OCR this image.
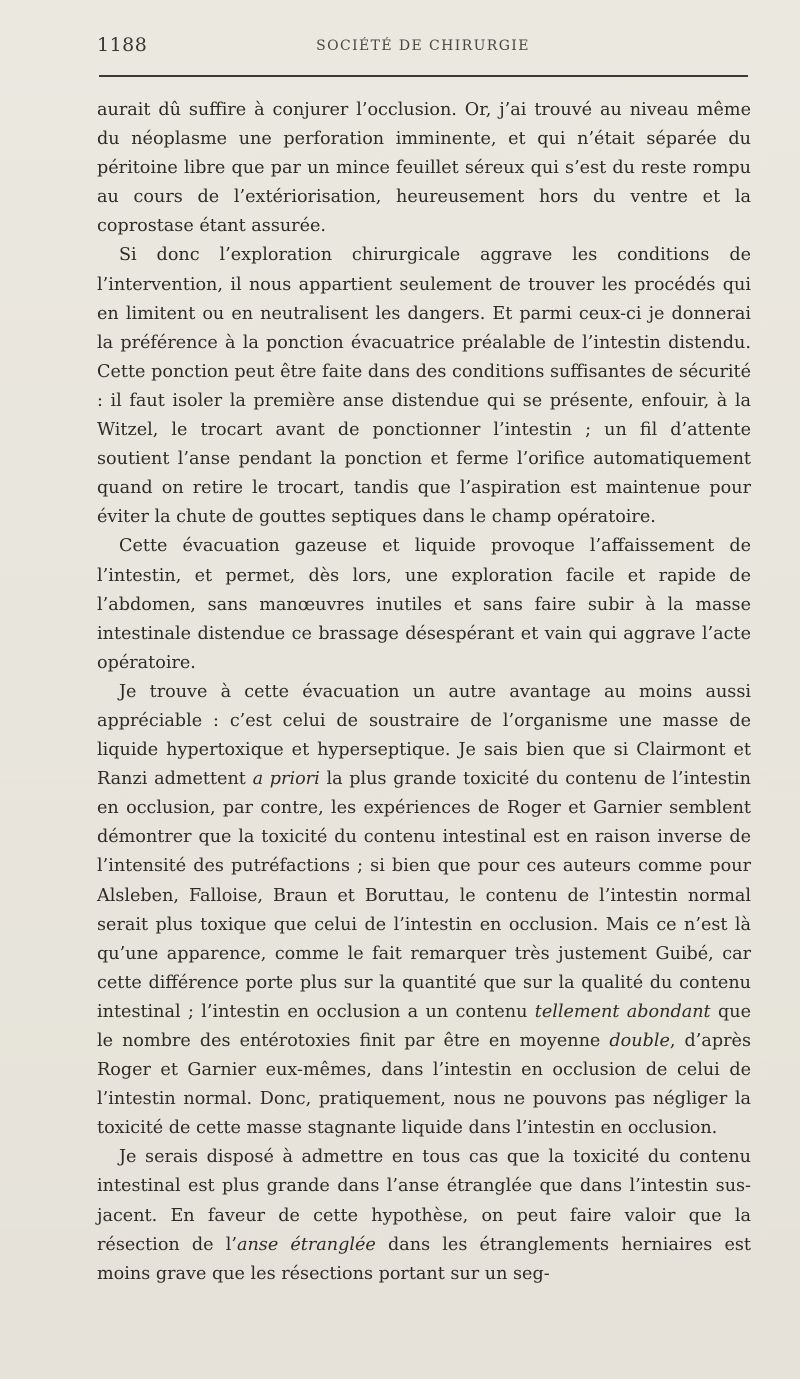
1188	SOCIÉTÉ DE CHIRURGIE

aurait dû suffire à conjurer l’occlusion. Or, j’ai trouvé au niveau même du néoplasme une perforation imminente, et qui n’était séparée du péritoine libre que par un mince feuillet séreux qui s’est du reste rompu au cours de l’extériorisation, heureusement hors du ventre et la coprostase étant assurée.

Si donc l’exploration chirurgicale aggrave les conditions de l’intervention, il nous appartient seulement de trouver les procédés qui en limitent ou en neutralisent les dangers. Et parmi ceux-ci je donnerai la préférence à la ponction évacuatrice préalable de l’intestin distendu. Cette ponction peut être faite dans des conditions suffisantes de sécurité : il faut isoler la première anse distendue qui se présente, enfouir, à la Witzel, le trocart avant de ponctionner l’intestin ; un fil d’attente soutient l’anse pendant la ponction et ferme l’orifice automatiquement quand on retire le trocart, tandis que l’aspiration est maintenue pour éviter la chute de gouttes septiques dans le champ opératoire.

Cette évacuation gazeuse et liquide provoque l’affaissement de l’intestin, et permet, dès lors, une exploration facile et rapide de l’abdomen, sans manœuvres inutiles et sans faire subir à la masse intestinale distendue ce brassage désespérant et vain qui aggrave l’acte opératoire.

Je trouve à cette évacuation un autre avantage au moins aussi appréciable : c’est celui de soustraire de l’organisme une masse de liquide hypertoxique et hyperseptique. Je sais bien que si Clairmont et Ranzi admettent a priori la plus grande toxicité du contenu de l’intestin en occlusion, par contre, les expériences de Roger et Garnier semblent démontrer que la toxicité du contenu intestinal est en raison inverse de l’intensité des putréfactions ; si bien que pour ces auteurs comme pour Alsleben, Falloise, Braun et Boruttau, le contenu de l’intestin normal serait plus toxique que celui de l’intestin en occlusion. Mais ce n’est là qu’une apparence, comme le fait remarquer très justement Guibé, car cette différence porte plus sur la quantité que sur la qualité du contenu intestinal ; l’intestin en occlusion a un contenu tellement abondant que le nombre des entérotoxies finit par être en moyenne double, d’après Roger et Garnier eux-mêmes, dans l’intestin en occlusion de celui de l’intestin normal. Donc, pratiquement, nous ne pouvons pas négliger la toxicité de cette masse stagnante liquide dans l’intestin en occlusion.

Je serais disposé à admettre en tous cas que la toxicité du contenu intestinal est plus grande dans l’anse étranglée que dans l’intestin sus-jacent. En faveur de cette hypothèse, on peut faire valoir que la résection de l’anse étranglée dans les étranglements herniaires est moins grave que les résections portant sur un seg-
